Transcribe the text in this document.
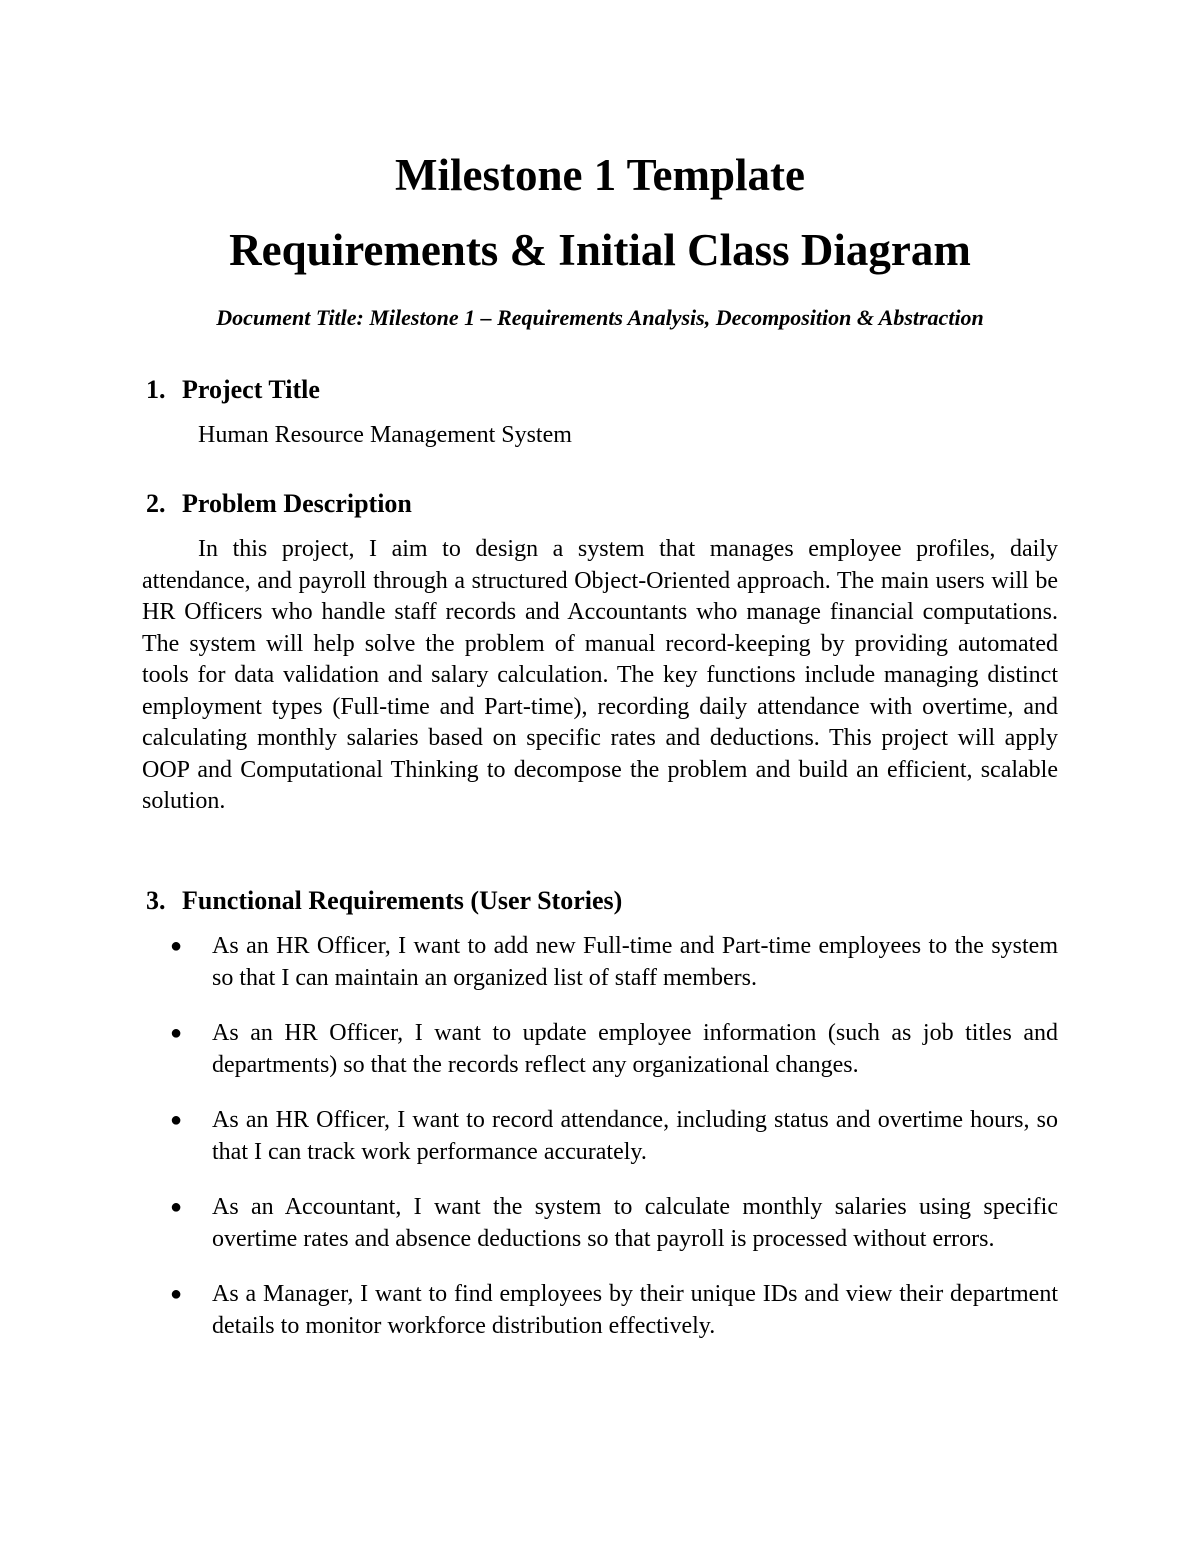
Milestone 1 Template
Requirements & Initial Class Diagram
Document Title: Milestone 1 – Requirements Analysis, Decomposition & Abstraction
1. Project Title
Human Resource Management System
2. Problem Description

In this project, I aim to design a system that manages employee profiles, daily attendance, and payroll through a structured Object-Oriented approach. The main users will be HR Officers who handle staff records and Accountants who manage financial computations. The system will help solve the problem of manual record-keeping by providing automated tools for data validation and salary calculation. The key functions include managing distinct employment types (Full-time and Part-time), recording daily attendance with overtime, and calculating monthly salaries based on specific rates and deductions. This project will apply OOP and Computational Thinking to decompose the problem and build an efficient, scalable solution.

3. Functional Requirements (User Stories)
● As an HR Officer, I want to add new Full-time and Part-time employees to the system so that I can maintain an organized list of staff members.

● As an HR Officer, I want to update employee information (such as job titles and departments) so that the records reflect any organizational changes.

● As an HR Officer, I want to record attendance, including status and overtime hours, so that I can track work performance accurately.

● As an Accountant, I want the system to calculate monthly salaries using specific overtime rates and absence deductions so that payroll is processed without errors.

● As a Manager, I want to find employees by their unique IDs and view their department details to monitor workforce distribution effectively.
